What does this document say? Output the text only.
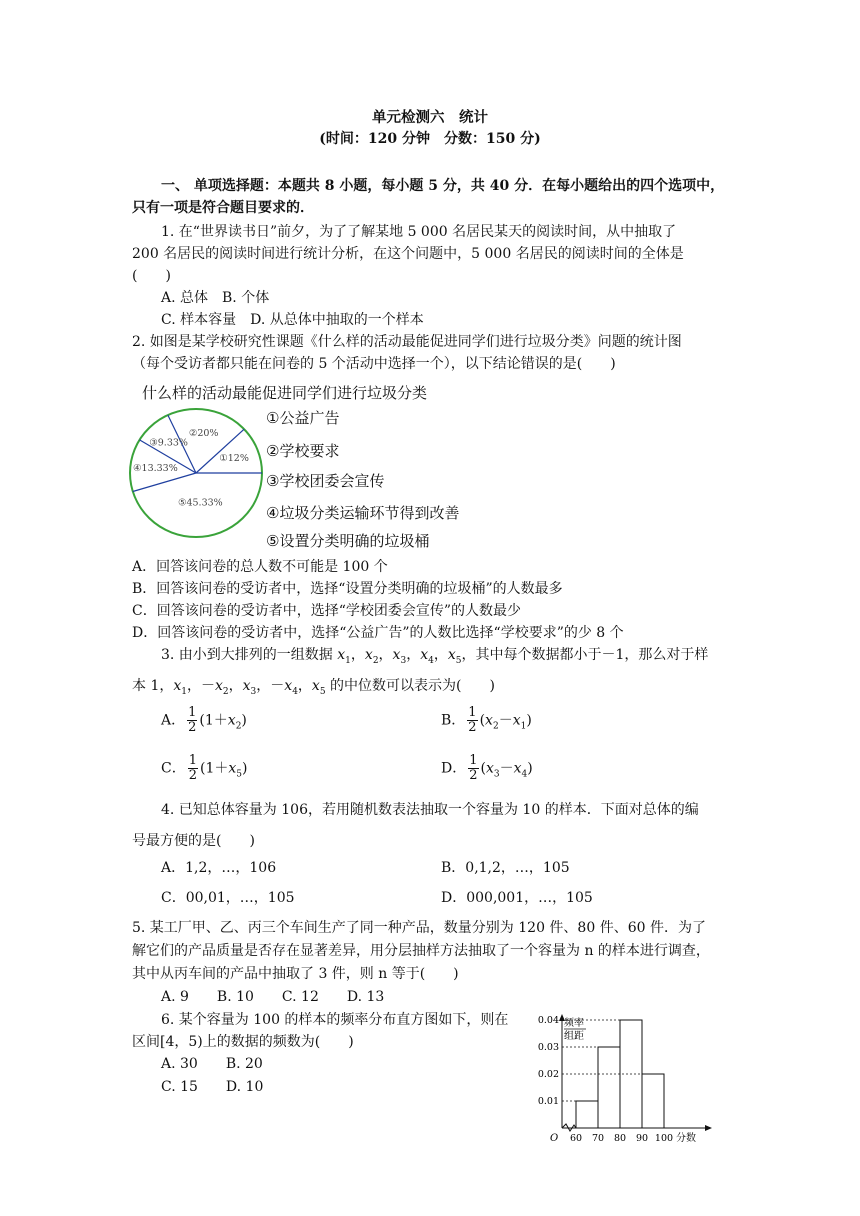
单元检测六　统计
(时间：120 分钟　分数：150 分)
一、 单项选择题：本题共 8 小题，每小题 5 分，共 40 分．在每小题给出的四个选项中，
只有一项是符合题目要求的．
1. 在“世界读书日”前夕，为了了解某地 5 000 名居民某天的阅读时间，从中抽取了
200 名居民的阅读时间进行统计分析，在这个问题中，5 000 名居民的阅读时间的全体是
(　　)
A. 总体　B. 个体
C. 样本容量　D. 从总体中抽取的一个样本
2. 如图是某学校研究性课题《什么样的活动最能促进同学们进行垃圾分类》问题的统计图
（每个受访者都只能在问卷的 5 个活动中选择一个），以下结论错误的是(　　)
什么样的活动最能促进同学们进行垃圾分类
①12%
②20%
③9.33%
④13.33%
⑤45.33%
①公益广告
②学校要求
③学校团委会宣传
④垃圾分类运输环节得到改善
⑤设置分类明确的垃圾桶
A．回答该问卷的总人数不可能是 100 个
B．回答该问卷的受访者中，选择“设置分类明确的垃圾桶”的人数最多
C．回答该问卷的受访者中，选择“学校团委会宣传”的人数最少
D．回答该问卷的受访者中，选择“公益广告”的人数比选择“学校要求”的少 8 个
3. 由小到大排列的一组数据 $x_1$，$x_2$，$x_3$，$x_4$，$x_5$，其中每个数据都小于－1，那么对于样
本 1，$x_1$，$-x_2$，$x_3$，$-x_4$，$x_5$ 的中位数可以表示为(　　)
A． $\frac{1}{2} (1+x_2)$	B． $\frac{1}{2} (x_2-x_1)$
C． $\frac{1}{2} (1+x_5)$	D． $\frac{1}{2} (x_3-x_4)$
4. 已知总体容量为 106，若用随机数表法抽取一个容量为 10 的样本．下面对总体的编
号最方便的是(　　)
A．1,2，…，106	B．0,1,2，…，105
C．00,01，…，105	D．000,001，…，105
5. 某工厂甲、乙、丙三个车间生产了同一种产品，数量分别为 120 件、80 件、60 件．为了
解它们的产品质量是否存在显著差异，用分层抽样方法抽取了一个容量为 n 的样本进行调查，
其中从丙车间的产品中抽取了 3 件，则 n 等于(　　)
A. 9　　B. 10　　C. 12　　D. 13
6. 某个容量为 100 的样本的频率分布直方图如下，则在
区间[4，5)上的数据的频数为(　　)
A. 30　　B. 20
C. 15　　D. 10
频率
组距
0.01
0.02
0.03
0.04
60 70 80 90 100
O	分数
